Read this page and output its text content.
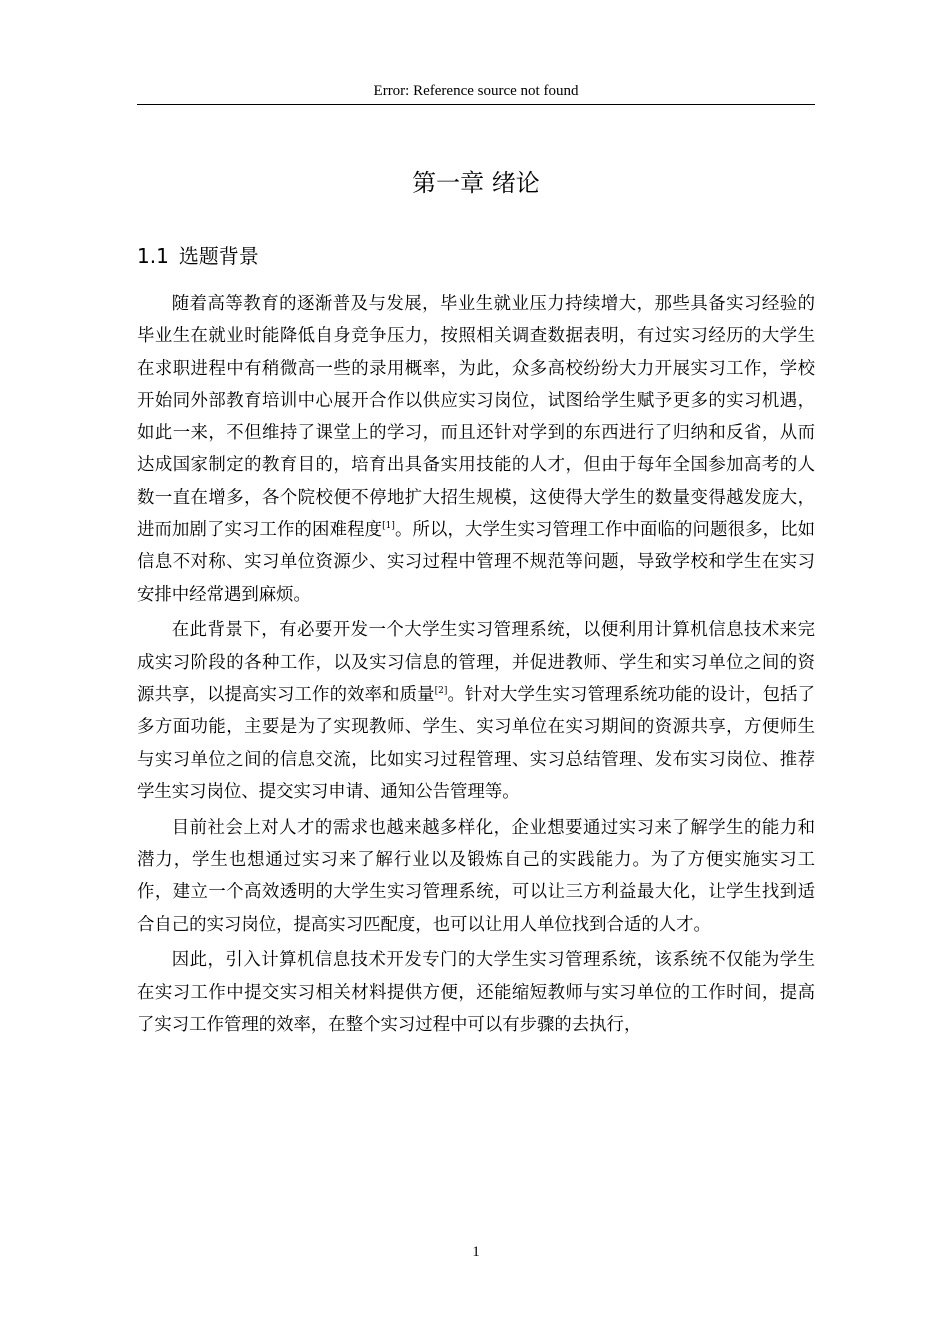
Error: Reference source not found
第一章 绪论
1.1 选题背景

随着高等教育的逐渐普及与发展，毕业生就业压力持续增大，那些具备实习经验的毕业生在就业时能降低自身竞争压力，按照相关调查数据表明，有过实习经历的大学生在求职进程中有稍微高一些的录用概率，为此，众多高校纷纷大力开展实习工作，学校开始同外部教育培训中心展开合作以供应实习岗位，试图给学生赋予更多的实习机遇，如此一来，不但维持了课堂上的学习，而且还针对学到的东西进行了归纳和反省，从而达成国家制定的教育目的，培育出具备实用技能的人才，但由于每年全国参加高考的人数一直在增多，各个院校便不停地扩大招生规模，这使得大学生的数量变得越发庞大，进而加剧了实习工作的困难程度[1]。所以，大学生实习管理工作中面临的问题很多，比如信息不对称、实习单位资源少、实习过程中管理不规范等问题，导致学校和学生在实习安排中经常遇到麻烦。

在此背景下，有必要开发一个大学生实习管理系统，以便利用计算机信息技术来完成实习阶段的各种工作，以及实习信息的管理，并促进教师、学生和实习单位之间的资源共享，以提高实习工作的效率和质量[2]。针对大学生实习管理系统功能的设计，包括了多方面功能，主要是为了实现教师、学生、实习单位在实习期间的资源共享，方便师生与实习单位之间的信息交流，比如实习过程管理、实习总结管理、发布实习岗位、推荐学生实习岗位、提交实习申请、通知公告管理等。

目前社会上对人才的需求也越来越多样化，企业想要通过实习来了解学生的能力和潜力，学生也想通过实习来了解行业以及锻炼自己的实践能力。为了方便实施实习工作，建立一个高效透明的大学生实习管理系统，可以让三方利益最大化，让学生找到适合自己的实习岗位，提高实习匹配度，也可以让用人单位找到合适的人才。

因此，引入计算机信息技术开发专门的大学生实习管理系统，该系统不仅能为学生在实习工作中提交实习相关材料提供方便，还能缩短教师与实习单位的工作时间，提高了实习工作管理的效率，在整个实习过程中可以有步骤的去执行，

1
